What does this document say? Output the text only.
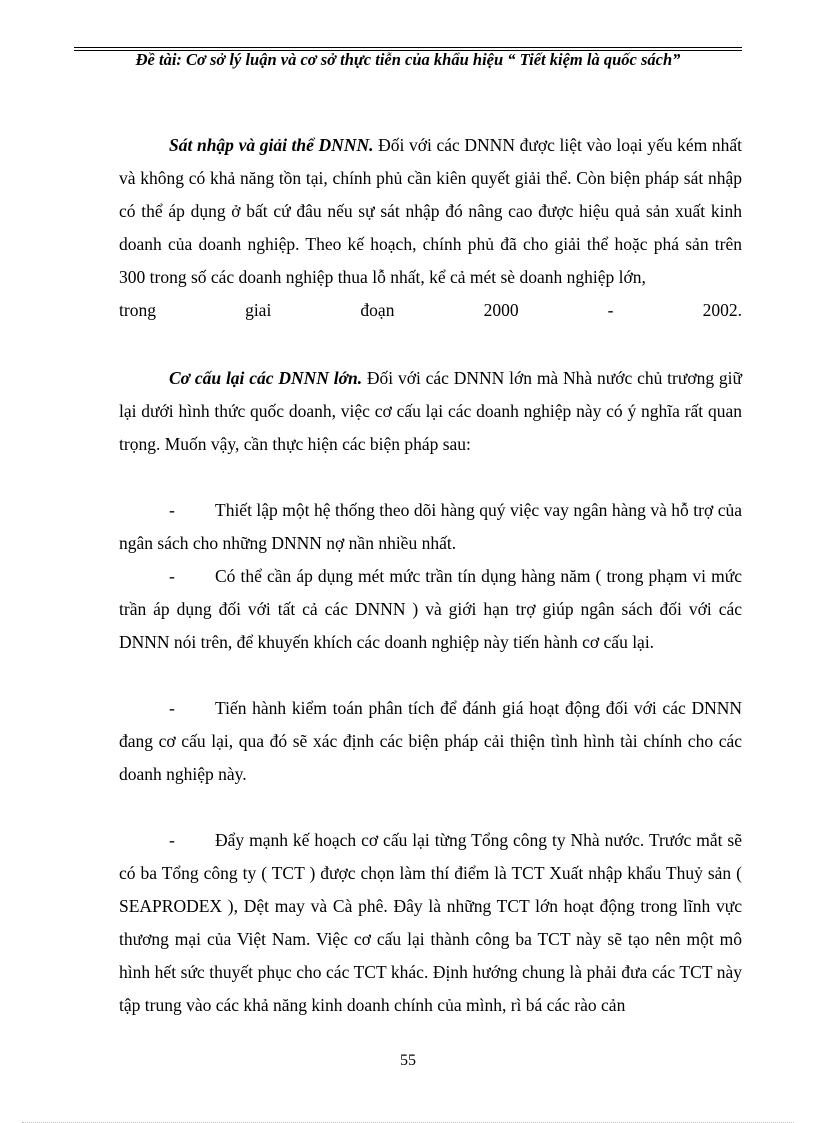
Đề tài: Cơ sở lý luận và cơ sở thực tiễn của khẩu hiệu “ Tiết kiệm là quốc sách”

Sát nhập và giải thể DNNN. Đối với các DNNN được liệt vào loại yếu kém nhất và không có khả năng tồn tại, chính phủ cần kiên quyết giải thể. Còn biện pháp sát nhập có thể áp dụng ở bất cứ đâu nếu sự sát nhập đó nâng cao được hiệu quả sản xuất kinh doanh của doanh nghiệp. Theo kế hoạch, chính phủ đã cho giải thể hoặc phá sản trên 300 trong số các doanh nghiệp thua lỗ nhất, kể cả mét sè doanh nghiệp lớn,

trong	giai	đoạn	2000	-	2002.

Cơ cấu lại các DNNN lớn. Đối với các DNNN lớn mà Nhà nước chủ trương giữ lại dưới hình thức quốc doanh, việc cơ cấu lại các doanh nghiệp này có ý nghĩa rất quan trọng. Muốn vậy, cần thực hiện các biện pháp sau:

- Thiết lập một hệ thống theo dõi hàng quý việc vay ngân hàng và hỗ trợ của ngân sách cho những DNNN nợ nần nhiều nhất.

- Có thể cần áp dụng mét mức trần tín dụng hàng năm ( trong phạm vi mức trần áp dụng đối với tất cả các DNNN ) và giới hạn trợ giúp ngân sách đối với các DNNN nói trên, để khuyến khích các doanh nghiệp này tiến hành cơ cấu lại.

- Tiến hành kiểm toán phân tích để đánh giá hoạt động đối với các DNNN đang cơ cấu lại, qua đó sẽ xác định các biện pháp cải thiện tình hình tài chính cho các doanh nghiệp này.

- Đẩy mạnh kế hoạch cơ cấu lại từng Tổng công ty Nhà nước. Trước mắt sẽ có ba Tổng công ty ( TCT ) được chọn làm thí điểm là TCT Xuất nhập khẩu Thuỷ sản ( SEAPRODEX ), Dệt may và Cà phê. Đây là những TCT lớn hoạt động trong lĩnh vực thương mại của Việt Nam. Việc cơ cấu lại thành công ba TCT này sẽ tạo nên một mô hình hết sức thuyết phục cho các TCT khác. Định hướng chung là phải đưa các TCT này tập trung vào các khả năng kinh doanh chính của mình, rì bá các rào cản

55
